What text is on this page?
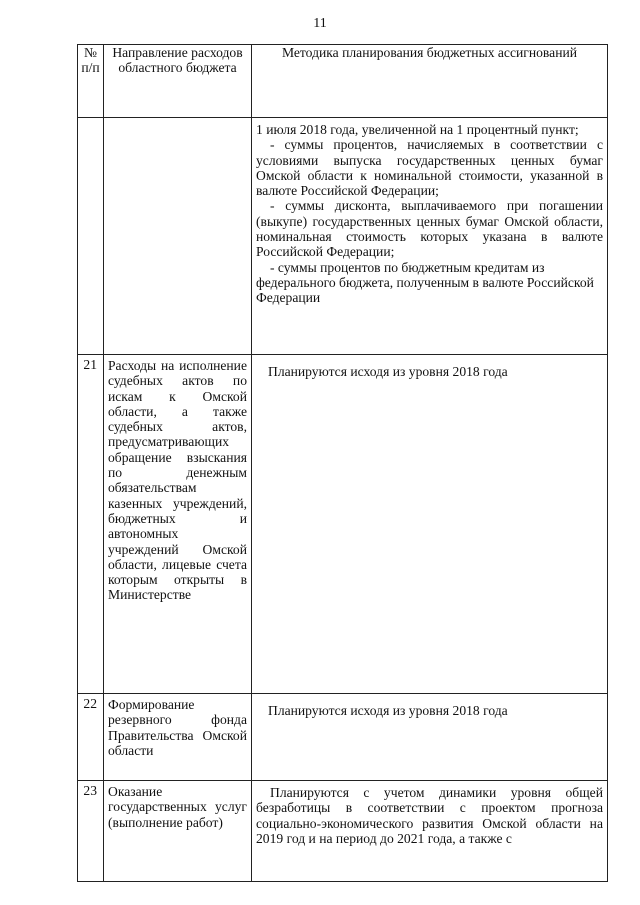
11
№ п/п	Направление расходов областного бюджета	Методика планирования бюджетных ассигнований

		1 июля 2018 года, увеличенной на 1 процентный пункт;

- суммы процентов, начисляемых в соответствии с условиями выпуска государственных ценных бумаг Омской области к номинальной стоимости, указанной в валюте Российской Федерации;

- суммы дисконта, выплачиваемого при погашении (выкупе) государственных ценных бумаг Омской области, номинальная стоимость которых указана в валюте Российской Федерации;

- суммы процентов по бюджетным кредитам из федерального бюджета, полученным в валюте Российской Федерации

21	Расходы на исполнение судебных актов по искам к Омской области, а также судебных актов, предусматривающих обращение взыскания по денежным обязательствам казенных учреждений, бюджетных и автономных учреждений Омской области, лицевые счета которым открыты в Министерстве	Планируются исходя из уровня 2018 года

22	Формирование резервного фонда Правительства Омской области	Планируются исходя из уровня 2018 года

23	Оказание государственных услуг (выполнение работ)	Планируются с учетом динамики уровня общей безработицы в соответствии с проектом прогноза социально-экономического развития Омской области на 2019 год и на период до 2021 года, а также с
